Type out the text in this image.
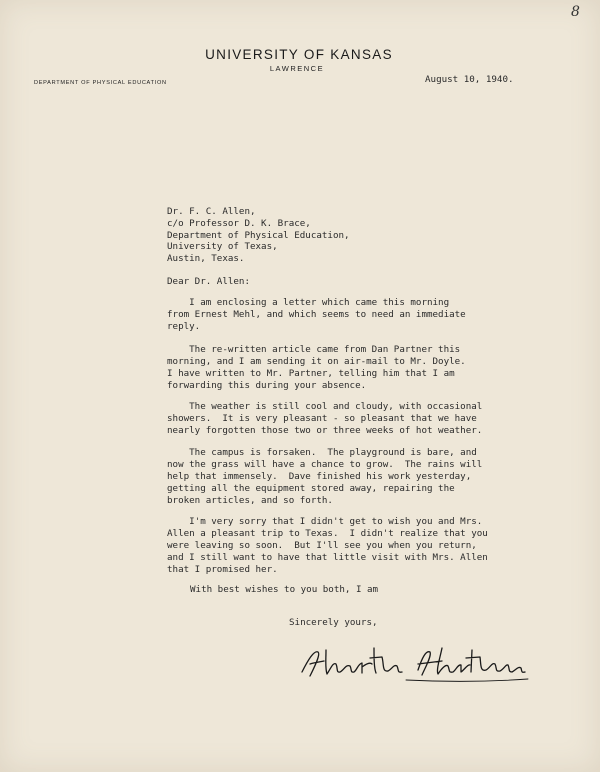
8
UNIVERSITY OF KANSAS
LAWRENCE
DEPARTMENT OF PHYSICAL EDUCATION	August 10, 1940.
Dr. F. C. Allen,
c/o Professor D. K. Brace,
Department of Physical Education,
University of Texas,
Austin, Texas.
Dear Dr. Allen:
I am enclosing a letter which came this morning
from Ernest Mehl, and which seems to need an immediate
reply.
The re-written article came from Dan Partner this
morning, and I am sending it on air-mail to Mr. Doyle.
I have written to Mr. Partner, telling him that I am
forwarding this during your absence.
The weather is still cool and cloudy, with occasional
showers.  It is very pleasant - so pleasant that we have
nearly forgotten those two or three weeks of hot weather.
The campus is forsaken.  The playground is bare, and
now the grass will have a chance to grow.  The rains will
help that immensely.  Dave finished his work yesterday,
getting all the equipment stored away, repairing the
broken articles, and so forth.
I'm very sorry that I didn't get to wish you and Mrs.
Allen a pleasant trip to Texas.  I didn't realize that you
were leaving so soon.  But I'll see you when you return,
and I still want to have that little visit with Mrs. Allen
that I promised her.
With best wishes to you both, I am
Sincerely yours,
